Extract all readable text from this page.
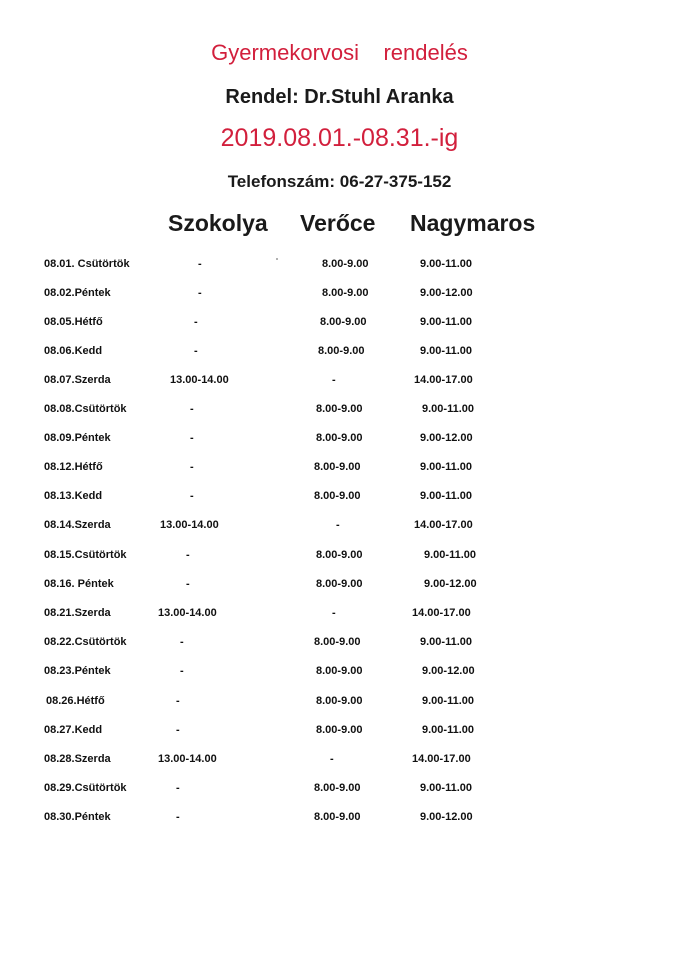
Gyermekorvosi    rendelés
Rendel: Dr.Stuhl Aranka
2019.08.01.-08.31.-ig
Telefonszám: 06-27-375-152
Szokolya Verőce Nagymaros
08.01. Csütörtök	-	8.00-9.00	9.00-11.00
08.02.Péntek	-	8.00-9.00	9.00-12.00
08.05.Hétfő	-	8.00-9.00	9.00-11.00
08.06.Kedd	-	8.00-9.00	9.00-11.00
08.07.Szerda	13.00-14.00	-	14.00-17.00
08.08.Csütörtök	-	8.00-9.00	9.00-11.00
08.09.Péntek	-	8.00-9.00	9.00-12.00
08.12.Hétfő	-	8.00-9.00	9.00-11.00
08.13.Kedd	-	8.00-9.00	9.00-11.00
08.14.Szerda	13.00-14.00	-	14.00-17.00
08.15.Csütörtök	-	8.00-9.00	9.00-11.00
08.16. Péntek	-	8.00-9.00	9.00-12.00
08.21.Szerda	13.00-14.00	-	14.00-17.00
08.22.Csütörtök	-	8.00-9.00	9.00-11.00
08.23.Péntek	-	8.00-9.00	9.00-12.00
08.26.Hétfő	-	8.00-9.00	9.00-11.00
08.27.Kedd	-	8.00-9.00	9.00-11.00
08.28.Szerda	13.00-14.00	-	14.00-17.00
08.29.Csütörtök	-	8.00-9.00	9.00-11.00
08.30.Péntek	-	8.00-9.00	9.00-12.00
